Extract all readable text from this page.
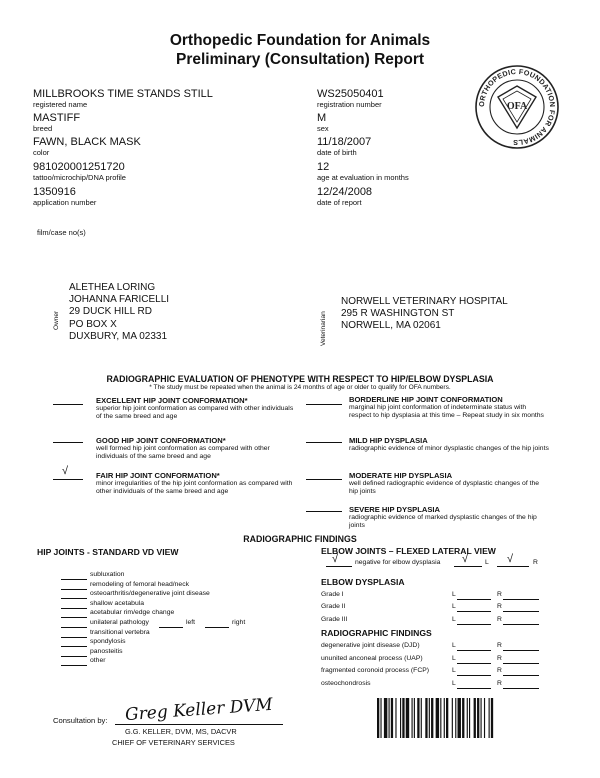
Orthopedic Foundation for Animals
Preliminary (Consultation) Report
ORTHOPEDIC FOUNDATION FOR ANIMALS
OFA
MILLBROOKS TIME STANDS STILL
registered name
MASTIFF
breed
FAWN, BLACK MASK
color
981020001251720
tattoo/microchip/DNA profile
1350916
application number
film/case no(s)
WS25050401
registration number
M
sex
11/18/2007
date of birth
12
age at evaluation in months
12/24/2008
date of report
Owner
ALETHEA LORING
JOHANNA FARICELLI
29 DUCK HILL RD
PO BOX X
DUXBURY, MA 02331	Veterinarian
NORWELL VETERINARY HOSPITAL
295 R WASHINGTON ST
NORWELL, MA 02061
RADIOGRAPHIC EVALUATION OF PHENOTYPE WITH RESPECT TO HIP/ELBOW DYSPLASIA
* The study must be repeated when the animal is 24 months of age or older to qualify for OFA numbers.
EXCELLENT HIP JOINT CONFORMATION*
superior hip joint conformation as compared with other individuals of the same breed and age
GOOD HIP JOINT CONFORMATION*
well formed hip joint conformation as compared with other individuals of the same breed and age
√	FAIR HIP JOINT CONFORMATION*
minor irregularities of the hip joint conformation as compared with other individuals of the same breed and age
BORDERLINE HIP JOINT CONFORMATION
marginal hip joint conformation of indeterminate status with respect to hip dysplasia at this time – Repeat study in six months
MILD HIP DYSPLASIA
radiographic evidence of minor dysplastic changes of the hip joints
MODERATE HIP DYSPLASIA
well defined radiographic evidence of dysplastic changes of the hip joints
SEVERE HIP DYSPLASIA
radiographic evidence of marked dysplastic changes of the hip joints
RADIOGRAPHIC FINDINGS
HIP JOINTS - STANDARD VD VIEW
subluxation
remodeling of femoral head/neck
osteoarthritis/degenerative joint disease
shallow acetabula
acetabular rim/edge change
unilateral pathology	left	right
transitional vertebra
spondylosis
panosteitis
other
ELBOW JOINTS – FLEXED LATERAL VIEW
√ negative for elbow dysplasia √ L √	R
ELBOW DYSPLASIA
Grade I	L	R
Grade II	L	R
Grade III	L	R
RADIOGRAPHIC FINDINGS
degenerative joint disease (DJD)	L	R
ununited anconeal process (UAP)	L	R
fragmented coronoid process (FCP)	L	R
osteochondrosis	L	R
Consultation by: Greg Keller DVM
G.G. KELLER, DVM, MS, DACVR
CHIEF OF VETERINARY SERVICES
